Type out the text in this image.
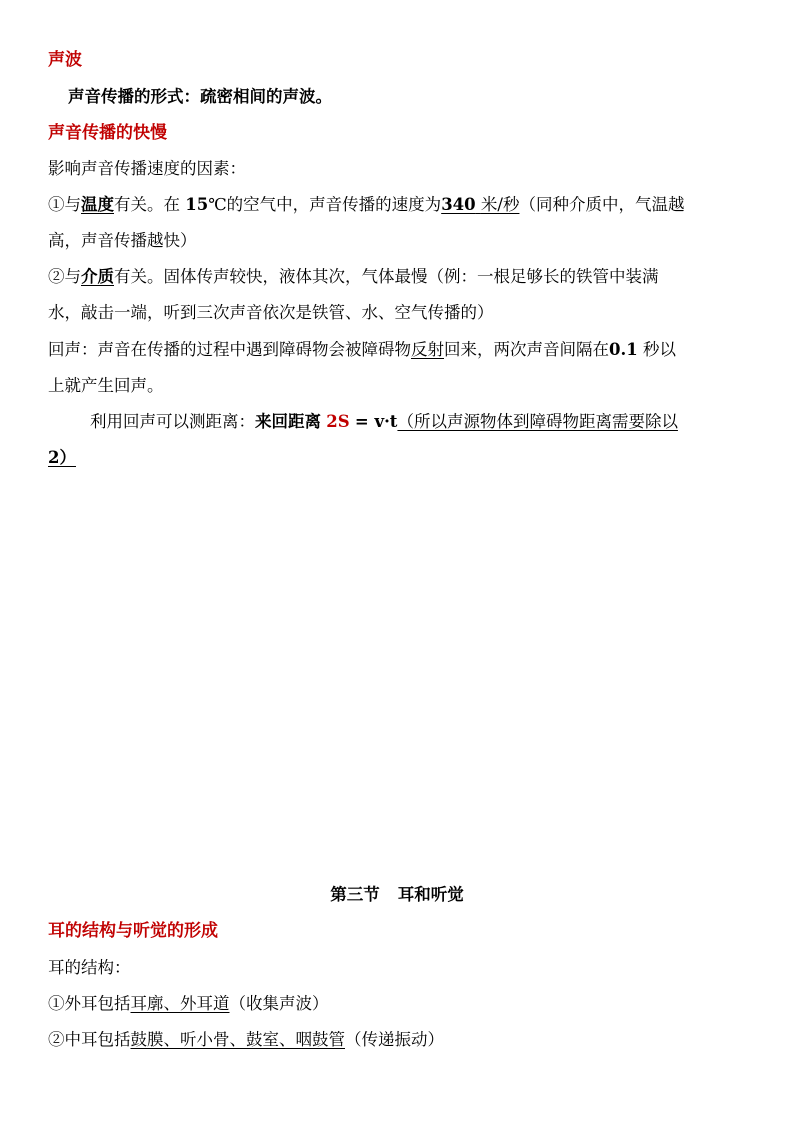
声波
声音传播的形式：疏密相间的声波。
声音传播的快慢
影响声音传播速度的因素：
①与温度有关。在 15℃的空气中，声音传播的速度为340 米/秒（同种介质中，气温越
高，声音传播越快）
②与介质有关。固体传声较快，液体其次，气体最慢（例：一根足够长的铁管中装满
水，敲击一端，听到三次声音依次是铁管、水、空气传播的）
回声：声音在传播的过程中遇到障碍物会被障碍物反射回来，两次声音间隔在0.1 秒以
上就产生回声。
利用回声可以测距离：来回距离 2S = v·t（所以声源物体到障碍物距离需要除以
2）
第三节 耳和听觉
耳的结构与听觉的形成
耳的结构：
①外耳包括耳廓、外耳道（收集声波）
②中耳包括鼓膜、听小骨、鼓室、咽鼓管（传递振动）
